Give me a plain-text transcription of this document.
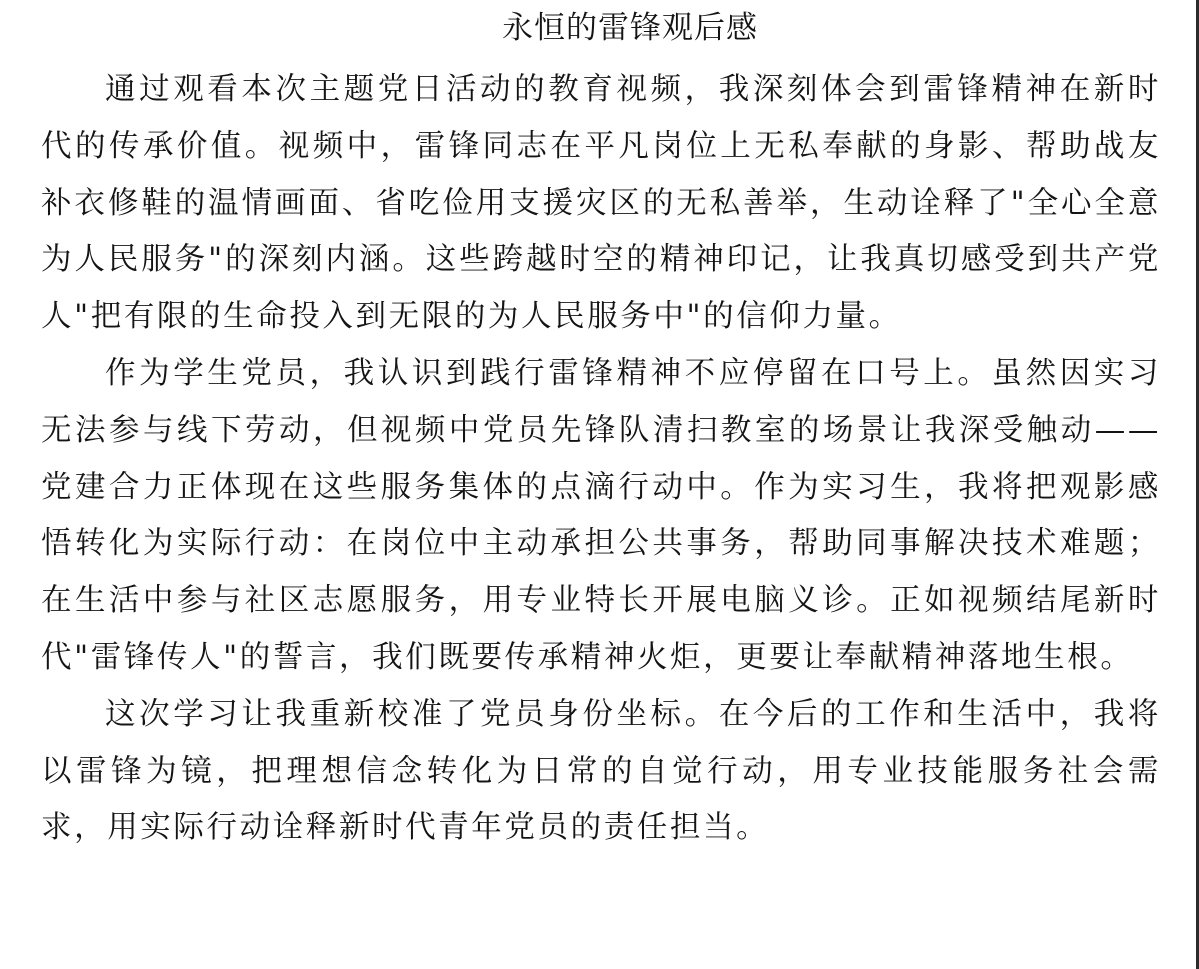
永恒的雷锋观后感

通过观看本次主题党日活动的教育视频，我深刻体会到雷锋精神在新时代的传承价值。视频中，雷锋同志在平凡岗位上无私奉献的身影、帮助战友补衣修鞋的温情画面、省吃俭用支援灾区的无私善举，生动诠释了"全心全意为人民服务"的深刻内涵。这些跨越时空的精神印记，让我真切感受到共产党人"把有限的生命投入到无限的为人民服务中"的信仰力量。

作为学生党员，我认识到践行雷锋精神不应停留在口号上。虽然因实习无法参与线下劳动，但视频中党员先锋队清扫教室的场景让我深受触动——党建合力正体现在这些服务集体的点滴行动中。作为实习生，我将把观影感悟转化为实际行动：在岗位中主动承担公共事务，帮助同事解决技术难题；在生活中参与社区志愿服务，用专业特长开展电脑义诊。正如视频结尾新时代"雷锋传人"的誓言，我们既要传承精神火炬，更要让奉献精神落地生根。

这次学习让我重新校准了党员身份坐标。在今后的工作和生活中，我将以雷锋为镜，把理想信念转化为日常的自觉行动，用专业技能服务社会需求，用实际行动诠释新时代青年党员的责任担当。
